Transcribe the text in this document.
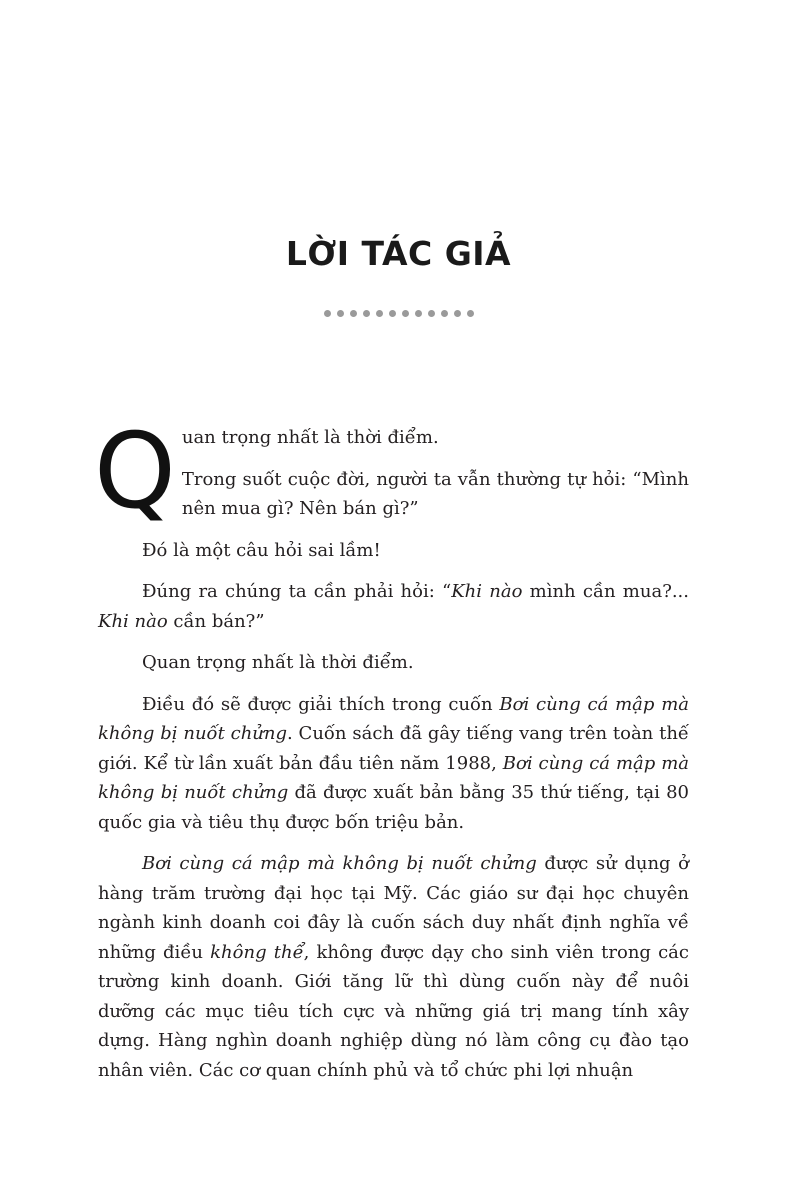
LỜI TÁC GIẢ

Q uan trọng nhất là thời điểm.

Trong suốt cuộc đời, người ta vẫn thường tự hỏi: “Mình nên mua gì? Nên bán gì?”

Đó là một câu hỏi sai lầm!

Đúng ra chúng ta cần phải hỏi: “Khi nào mình cần mua?... Khi nào cần bán?”

Quan trọng nhất là thời điểm.

Điều đó sẽ được giải thích trong cuốn Bơi cùng cá mập mà không bị nuốt chửng. Cuốn sách đã gây tiếng vang trên toàn thế giới. Kể từ lần xuất bản đầu tiên năm 1988, Bơi cùng cá mập mà không bị nuốt chửng đã được xuất bản bằng 35 thứ tiếng, tại 80 quốc gia và tiêu thụ được bốn triệu bản.

Bơi cùng cá mập mà không bị nuốt chửng được sử dụng ở hàng trăm trường đại học tại Mỹ. Các giáo sư đại học chuyên ngành kinh doanh coi đây là cuốn sách duy nhất định nghĩa về những điều không thể, không được dạy cho sinh viên trong các trường kinh doanh. Giới tăng lữ thì dùng cuốn này để nuôi dưỡng các mục tiêu tích cực và những giá trị mang tính xây dựng. Hàng nghìn doanh nghiệp dùng nó làm công cụ đào tạo nhân viên. Các cơ quan chính phủ và tổ chức phi lợi nhuận
